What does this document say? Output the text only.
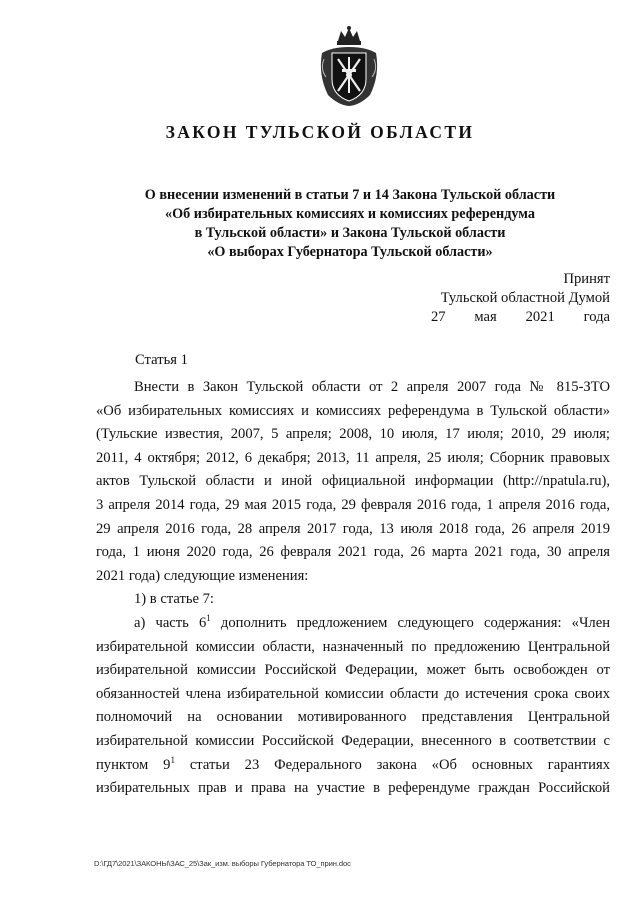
ЗАКОН ТУЛЬСКОЙ ОБЛАСТИ
О внесении изменений в статьи 7 и 14 Закона Тульской области
«Об избирательных комиссиях и комиссиях референдума
в Тульской области» и Закона Тульской области
«О выборах Губернатора Тульской области»
Принят
Тульской областной Думой
27 мая 2021 года
Статья 1
Внести в Закон Тульской области от 2 апреля 2007 года № 815-ЗТО
«Об избирательных комиссиях и комиссиях референдума в Тульской области»
(Тульские известия, 2007, 5 апреля; 2008, 10 июля, 17 июля; 2010, 29 июля;
2011, 4 октября; 2012, 6 декабря; 2013, 11 апреля, 25 июля; Сборник правовых
актов Тульской области и иной официальной информации (http://npatula.ru),
3 апреля 2014 года, 29 мая 2015 года, 29 февраля 2016 года, 1 апреля 2016 года,
29 апреля 2016 года, 28 апреля 2017 года, 13 июля 2018 года, 26 апреля 2019
года, 1 июня 2020 года, 26 февраля 2021 года, 26 марта 2021 года, 30 апреля
2021 года) следующие изменения:
1) в статье 7:
а) часть $6^1$ дополнить предложением следующего содержания: «Член
избирательной комиссии области, назначенный по предложению Центральной
избирательной комиссии Российской Федерации, может быть освобожден от
обязанностей члена избирательной комиссии области до истечения срока своих
полномочий на основании мотивированного представления Центральной
избирательной комиссии Российской Федерации, внесенного в соответствии с
пунктом $9^1$ статьи 23 Федерального закона «Об основных гарантиях
избирательных прав и права на участие в референдуме граждан Российской
D:\ГД7\2021\ЗАКОНЫ\ЗАС_25\Зак_изм. выборы Губернатора ТО_прин.doc
